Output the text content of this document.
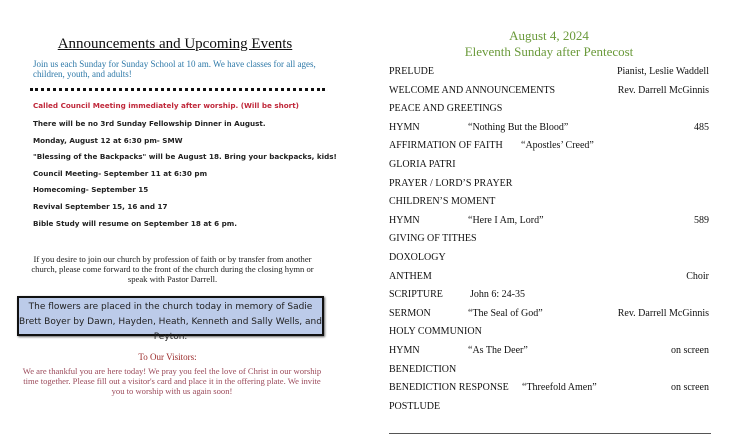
Announcements and Upcoming Events
Join us each Sunday for Sunday School at 10 am. We have classes for all ages, children, youth, and adults!
Called Council Meeting immediately after worship. (Will be short)
There will be no 3rd Sunday Fellowship Dinner in August.
Monday, August 12 at 6:30 pm- SMW
"Blessing of the Backpacks" will be August 18. Bring your backpacks, kids!
Council Meeting- September 11 at 6:30 pm
Homecoming- September 15
Revival September 15, 16 and 17
Bible Study will resume on September 18 at 6 pm.
If you desire to join our church by profession of faith or by transfer from another church, please come forward to the front of the church during the closing hymn or speak with Pastor Darrell.
The flowers are placed in the church today in memory of Sadie Brett Boyer by Dawn, Hayden, Heath, Kenneth and Sally Wells, and Peyton.
To Our Visitors:
We are thankful you are here today! We pray you feel the love of Christ in our worship time together. Please fill out a visitor's card and place it in the offering plate. We invite you to worship with us again soon!
August 4, 2024
Eleventh Sunday after Pentecost
PRELUDE	Pianist, Leslie Waddell
WELCOME AND ANNOUNCEMENTS	Rev. Darrell McGinnis
PEACE AND GREETINGS
HYMN	“Nothing But the Blood”	485
AFFIRMATION OF FAITH “Apostles’ Creed”
GLORIA PATRI
PRAYER / LORD’S PRAYER
CHILDREN’S MOMENT
HYMN	“Here I Am, Lord”	589
GIVING OF TITHES
DOXOLOGY
ANTHEM	Choir
SCRIPTURE	John 6: 24-35
SERMON	“The Seal of God”	Rev. Darrell McGinnis
HOLY COMMUNION
HYMN	“As The Deer”	on screen
BENEDICTION
BENEDICTION RESPONSE “Threefold Amen”	on screen
POSTLUDE
